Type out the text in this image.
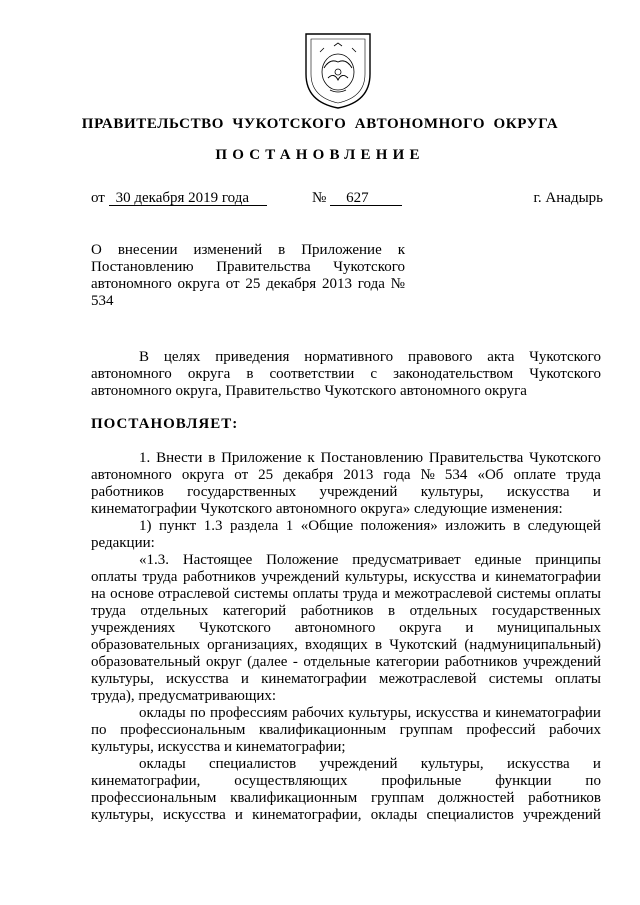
ПРАВИТЕЛЬСТВО ЧУКОТСКОГО АВТОНОМНОГО ОКРУГА
ПОСТАНОВЛЕНИЕ
от 30 декабря 2019 года	№ 627	г. Анадырь
О внесении изменений в Приложение к Постановлению Правительства Чукотского автономного округа от 25 декабря 2013 года № 534
В целях приведения нормативного правового акта Чукотского
автономного округа в соответствии с законодательством Чукотского
автономного округа, Правительство Чукотского автономного округа
ПОСТАНОВЛЯЕТ:
1. Внести в Приложение к Постановлению Правительства Чукотского
автономного округа от 25 декабря 2013 года № 534 «Об оплате труда
работников государственных учреждений культуры, искусства и
кинематографии Чукотского автономного округа» следующие изменения:
1) пункт 1.3 раздела 1 «Общие положения» изложить в следующей
редакции:
«1.3. Настоящее Положение предусматривает единые принципы
оплаты труда работников учреждений культуры, искусства и кинематографии
на основе отраслевой системы оплаты труда и межотраслевой системы оплаты
труда отдельных категорий работников в отдельных государственных
учреждениях Чукотского автономного округа и муниципальных
образовательных организациях, входящих в Чукотский (надмуниципальный)
образовательный округ (далее - отдельные категории работников учреждений
культуры, искусства и кинематографии межотраслевой системы оплаты
труда), предусматривающих:
оклады по профессиям рабочих культуры, искусства и кинематографии
по профессиональным квалификационным группам профессий рабочих
культуры, искусства и кинематографии;
оклады специалистов учреждений культуры, искусства и
кинематографии, осуществляющих профильные функции по
профессиональным квалификационным группам должностей работников
культуры, искусства и кинематографии, оклады специалистов учреждений
